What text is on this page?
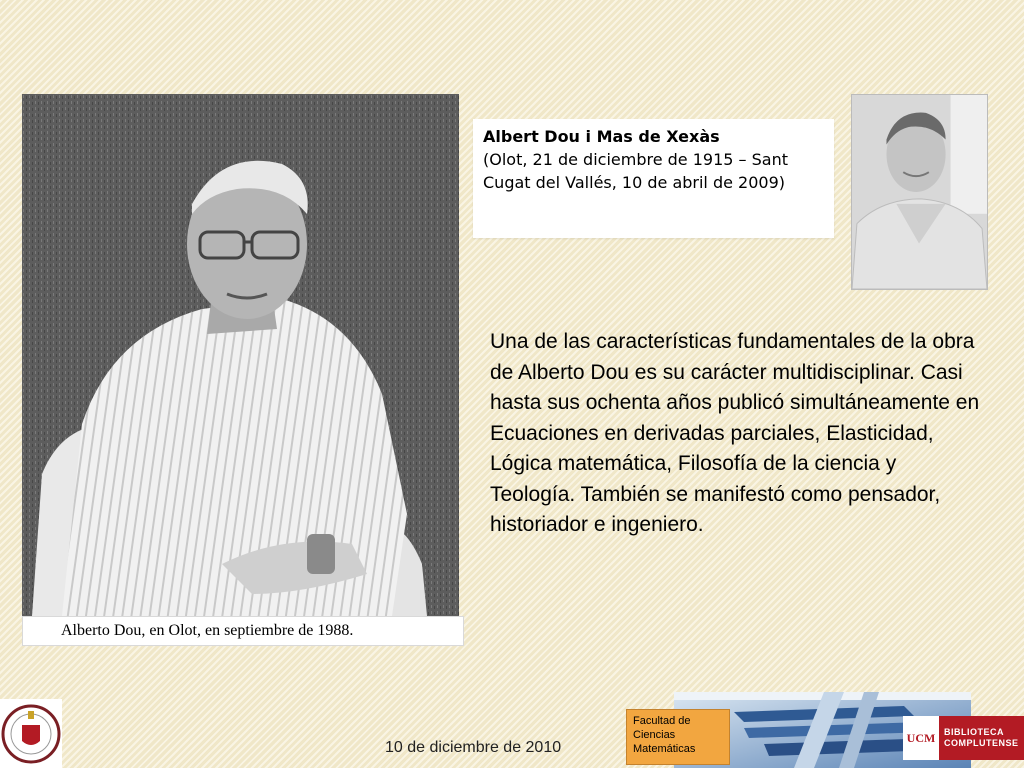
Alberto Dou, en Olot, en septiembre de 1988.
Albert Dou i Mas de Xexàs
(Olot, 21 de diciembre de 1915 – Sant Cugat del Vallés, 10 de abril de 2009)
Una de las características fundamentales de la obra de Alberto Dou es su carácter multidisciplinar. Casi hasta sus ochenta años publicó simultáneamente en Ecuaciones en derivadas parciales, Elasticidad, Lógica matemática, Filosofía de la ciencia y Teología. También se manifestó como pensador, historiador e ingeniero.
10 de diciembre de 2010
Facultad de Ciencias Matemáticas
UCM BIBLIOTECA
COMPLUTENSE
